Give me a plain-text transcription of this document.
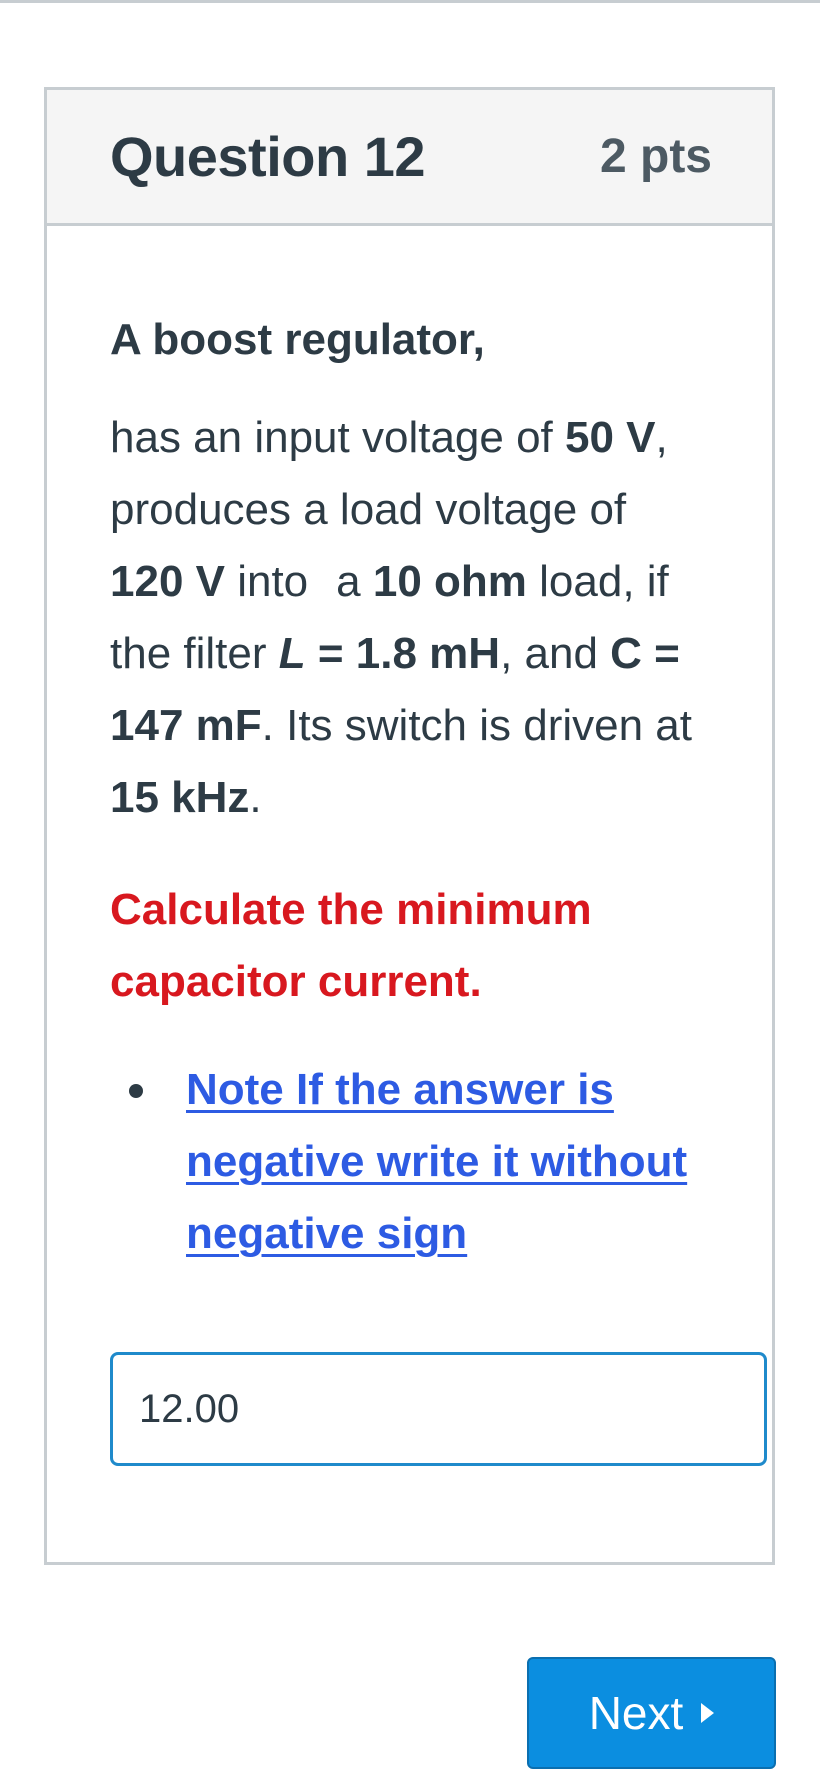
Question 12	2 pts

A boost regulator,

has an input voltage of 50 V, produces a load voltage of 120 V into a 10 ohm load, if the filter L = 1.8 mH, and C = 147 mF. Its switch is driven at 15 kHz.

Calculate the minimum capacitor current.

Note If the answer is negative write it without negative sign
12.00
Next
